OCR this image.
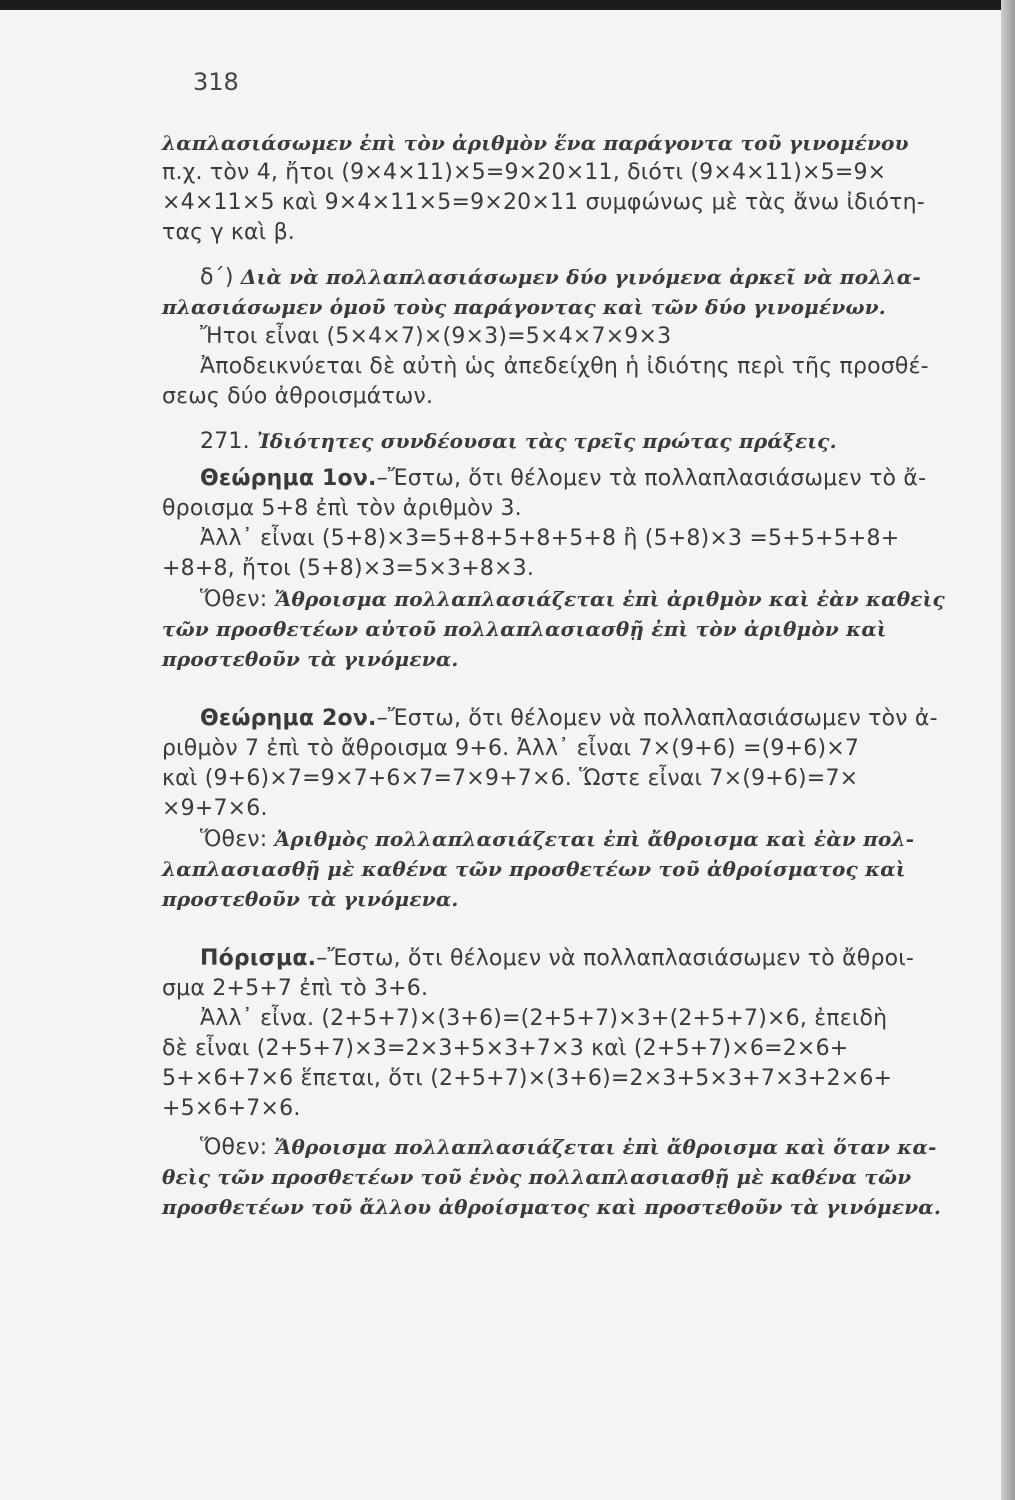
318
λαπλασιάσωμεν ἐπὶ τὸν ἀριθμὸν ἕνα παράγοντα τοῦ γινομένου
π.χ. τὸν 4, ἤτοι (9×4×11)×5=9×20×11, διότι (9×4×11)×5=9×
×4×11×5 καὶ 9×4×11×5=9×20×11 συμφώνως μὲ τὰς ἄνω ἰδιότη-
τας γ καὶ β.
δ΄) Διὰ νὰ πολλαπλασιάσωμεν δύο γινόμενα ἀρκεῖ νὰ πολλα-
πλασιάσωμεν ὁμοῦ τοὺς παράγοντας καὶ τῶν δύο γινομένων.
Ἤτοι εἶναι (5×4×7)×(9×3)=5×4×7×9×3
Ἀποδεικνύεται δὲ αὐτὴ ὡς ἀπεδείχθη ἡ ἰδιότης περὶ τῆς προσθέ-
σεως δύο ἀθροισμάτων.
271. Ἰδιότητες συνδέουσαι τὰς τρεῖς πρώτας πράξεις.
Θεώρημα 1ον.–Ἔστω, ὅτι θέλομεν τὰ πολλαπλασιάσωμεν τὸ ἄ-
θροισμα 5+8 ἐπὶ τὸν ἀριθμὸν 3.
Ἀλλ᾽ εἶναι (5+8)×3=5+8+5+8+5+8 ἢ (5+8)×3 =5+5+5+8+
+8+8, ἤτοι (5+8)×3=5×3+8×3.
Ὅθεν: Ἄθροισμα πολλαπλασιάζεται ἐπὶ ἀριθμὸν καὶ ἐὰν καθεὶς
τῶν προσθετέων αὐτοῦ πολλαπλασιασθῇ ἐπὶ τὸν ἀριθμὸν καὶ
προστεθοῦν τὰ γινόμενα.
Θεώρημα 2ον.–Ἔστω, ὅτι θέλομεν νὰ πολλαπλασιάσωμεν τὸν ἀ-
ριθμὸν 7 ἐπὶ τὸ ἄθροισμα 9+6. Ἀλλ᾽ εἶναι 7×(9+6) =(9+6)×7
καὶ (9+6)×7=9×7+6×7=7×9+7×6. Ὥστε εἶναι 7×(9+6)=7×
×9+7×6.
Ὅθεν: Ἀριθμὸς πολλαπλασιάζεται ἐπὶ ἄθροισμα καὶ ἐὰν πολ-
λαπλασιασθῇ μὲ καθένα τῶν προσθετέων τοῦ ἀθροίσματος καὶ
προστεθοῦν τὰ γινόμενα.
Πόρισμα.–Ἔστω, ὅτι θέλομεν νὰ πολλαπλασιάσωμεν τὸ ἄθροι-
σμα 2+5+7 ἐπὶ τὸ 3+6.
Ἀλλ᾽ εἶνα. (2+5+7)×(3+6)=(2+5+7)×3+(2+5+7)×6, ἐπειδὴ
δὲ εἶναι (2+5+7)×3=2×3+5×3+7×3 καὶ (2+5+7)×6=2×6+
5+×6+7×6 ἕπεται, ὅτι (2+5+7)×(3+6)=2×3+5×3+7×3+2×6+
+5×6+7×6.
Ὅθεν: Ἄθροισμα πολλαπλασιάζεται ἐπὶ ἄθροισμα καὶ ὅταν κα-
θεὶς τῶν προσθετέων τοῦ ἑνὸς πολλαπλασιασθῇ μὲ καθένα τῶν
προσθετέων τοῦ ἄλλου ἀθροίσματος καὶ προστεθοῦν τὰ γινόμενα.
